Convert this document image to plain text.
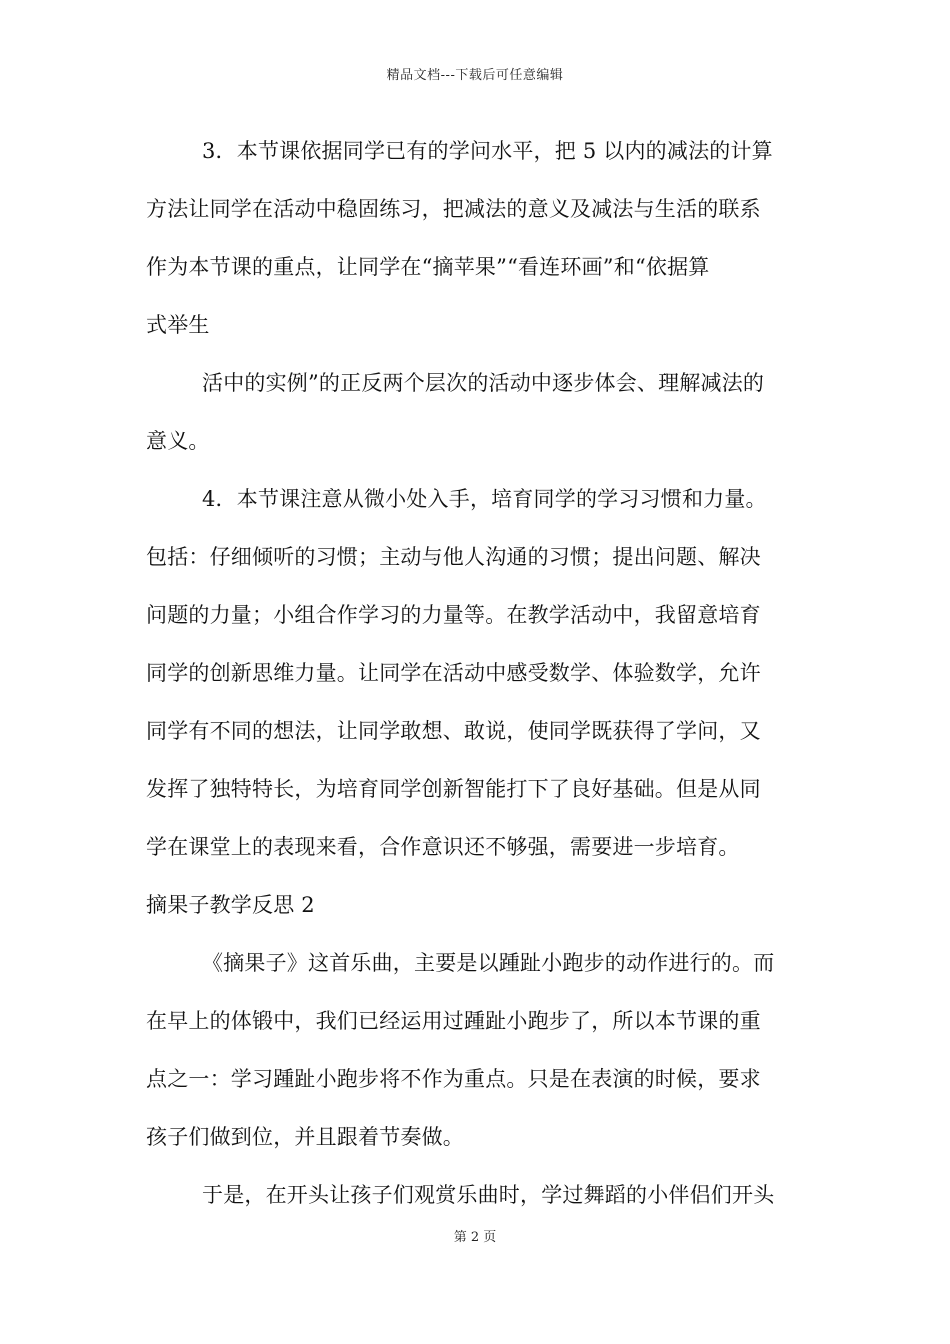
精品文档---下载后可任意编辑
3．本节课依据同学已有的学问水平，把 5 以内的减法的计算
方法让同学在活动中稳固练习，把减法的意义及减法与生活的联系
作为本节课的重点，让同学在“摘苹果”“看连环画”和“依据算
式举生
活中的实例”的正反两个层次的活动中逐步体会、理解减法的
意义。
4．本节课注意从微小处入手，培育同学的学习习惯和力量。
包括：仔细倾听的习惯；主动与他人沟通的习惯；提出问题、解决
问题的力量；小组合作学习的力量等。在教学活动中，我留意培育
同学的创新思维力量。让同学在活动中感受数学、体验数学，允许
同学有不同的想法，让同学敢想、敢说，使同学既获得了学问，又
发挥了独特特长，为培育同学创新智能打下了良好基础。但是从同
学在课堂上的表现来看，合作意识还不够强，需要进一步培育。
摘果子教学反思 2
《摘果子》这首乐曲，主要是以踵趾小跑步的动作进行的。而
在早上的体锻中，我们已经运用过踵趾小跑步了，所以本节课的重
点之一：学习踵趾小跑步将不作为重点。只是在表演的时候，要求
孩子们做到位，并且跟着节奏做。
于是，在开头让孩子们观赏乐曲时，学过舞蹈的小伴侣们开头
第 2 页
